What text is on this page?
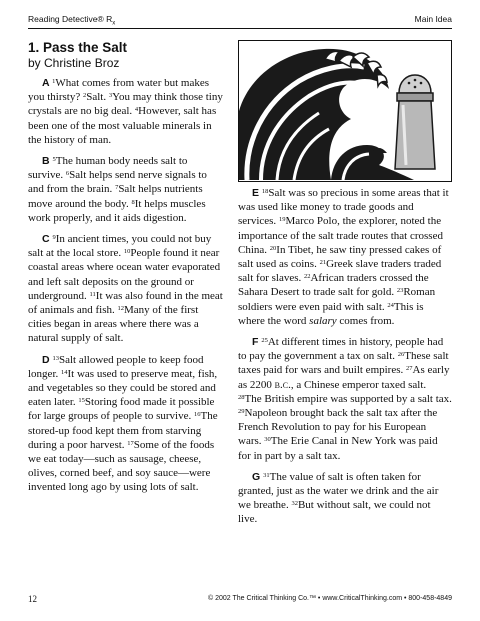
Reading Detective® $R_x$	Main Idea
1. Pass the Salt
by Christine Broz

A $^1$What comes from water but makes you thirsty? $^2$Salt. $^3$You may think those tiny crystals are no big deal. $^4$However, salt has been one of the most valuable minerals in the history of man.

B $^5$The human body needs salt to survive. $^6$Salt helps send nerve signals to and from the brain. $^7$Salt helps nutrients move around the body. $^8$It helps muscles work properly, and it aids digestion.

C $^9$In ancient times, you could not buy salt at the local store. $^{10}$People found it near coastal areas where ocean water evaporated and left salt deposits on the ground or underground. $^{11}$It was also found in the meat of animals and fish. $^{12}$Many of the first cities began in areas where there was a natural supply of salt.

D $^{13}$Salt allowed people to keep food longer. $^{14}$It was used to preserve meat, fish, and vegetables so they could be stored and eaten later. $^{15}$Storing food made it possible for large groups of people to survive. $^{16}$The stored-up food kept them from starving during a poor harvest. $^{17}$Some of the foods we eat today—such as sausage, cheese, olives, corned beef, and soy sauce—were invented long ago by using lots of salt.

E $^{18}$Salt was so precious in some areas that it was used like money to trade goods and services. $^{19}$Marco Polo, the explorer, noted the importance of the salt trade routes that crossed China. $^{20}$In Tibet, he saw tiny pressed cakes of salt used as coins. $^{21}$Greek slave traders traded salt for slaves. $^{22}$African traders crossed the Sahara Desert to trade salt for gold. $^{23}$Roman soldiers were even paid with salt. $^{24}$This is where the word salary comes from.

F $^{25}$At different times in history, people had to pay the government a tax on salt. $^{26}$These salt taxes paid for wars and built empires. $^{27}$As early as 2200 b.c., a Chinese emperor taxed salt. $^{28}$The British empire was supported by a salt tax. $^{29}$Napoleon brought back the salt tax after the French Revolution to pay for his European wars. $^{30}$The Erie Canal in New York was paid for in part by a salt tax.

G $^{31}$The value of salt is often taken for granted, just as the water we drink and the air we breathe. $^{32}$But without salt, we could not live.

12	© 2002 The Critical Thinking Co.™ • www.CriticalThinking.com • 800-458-4849
